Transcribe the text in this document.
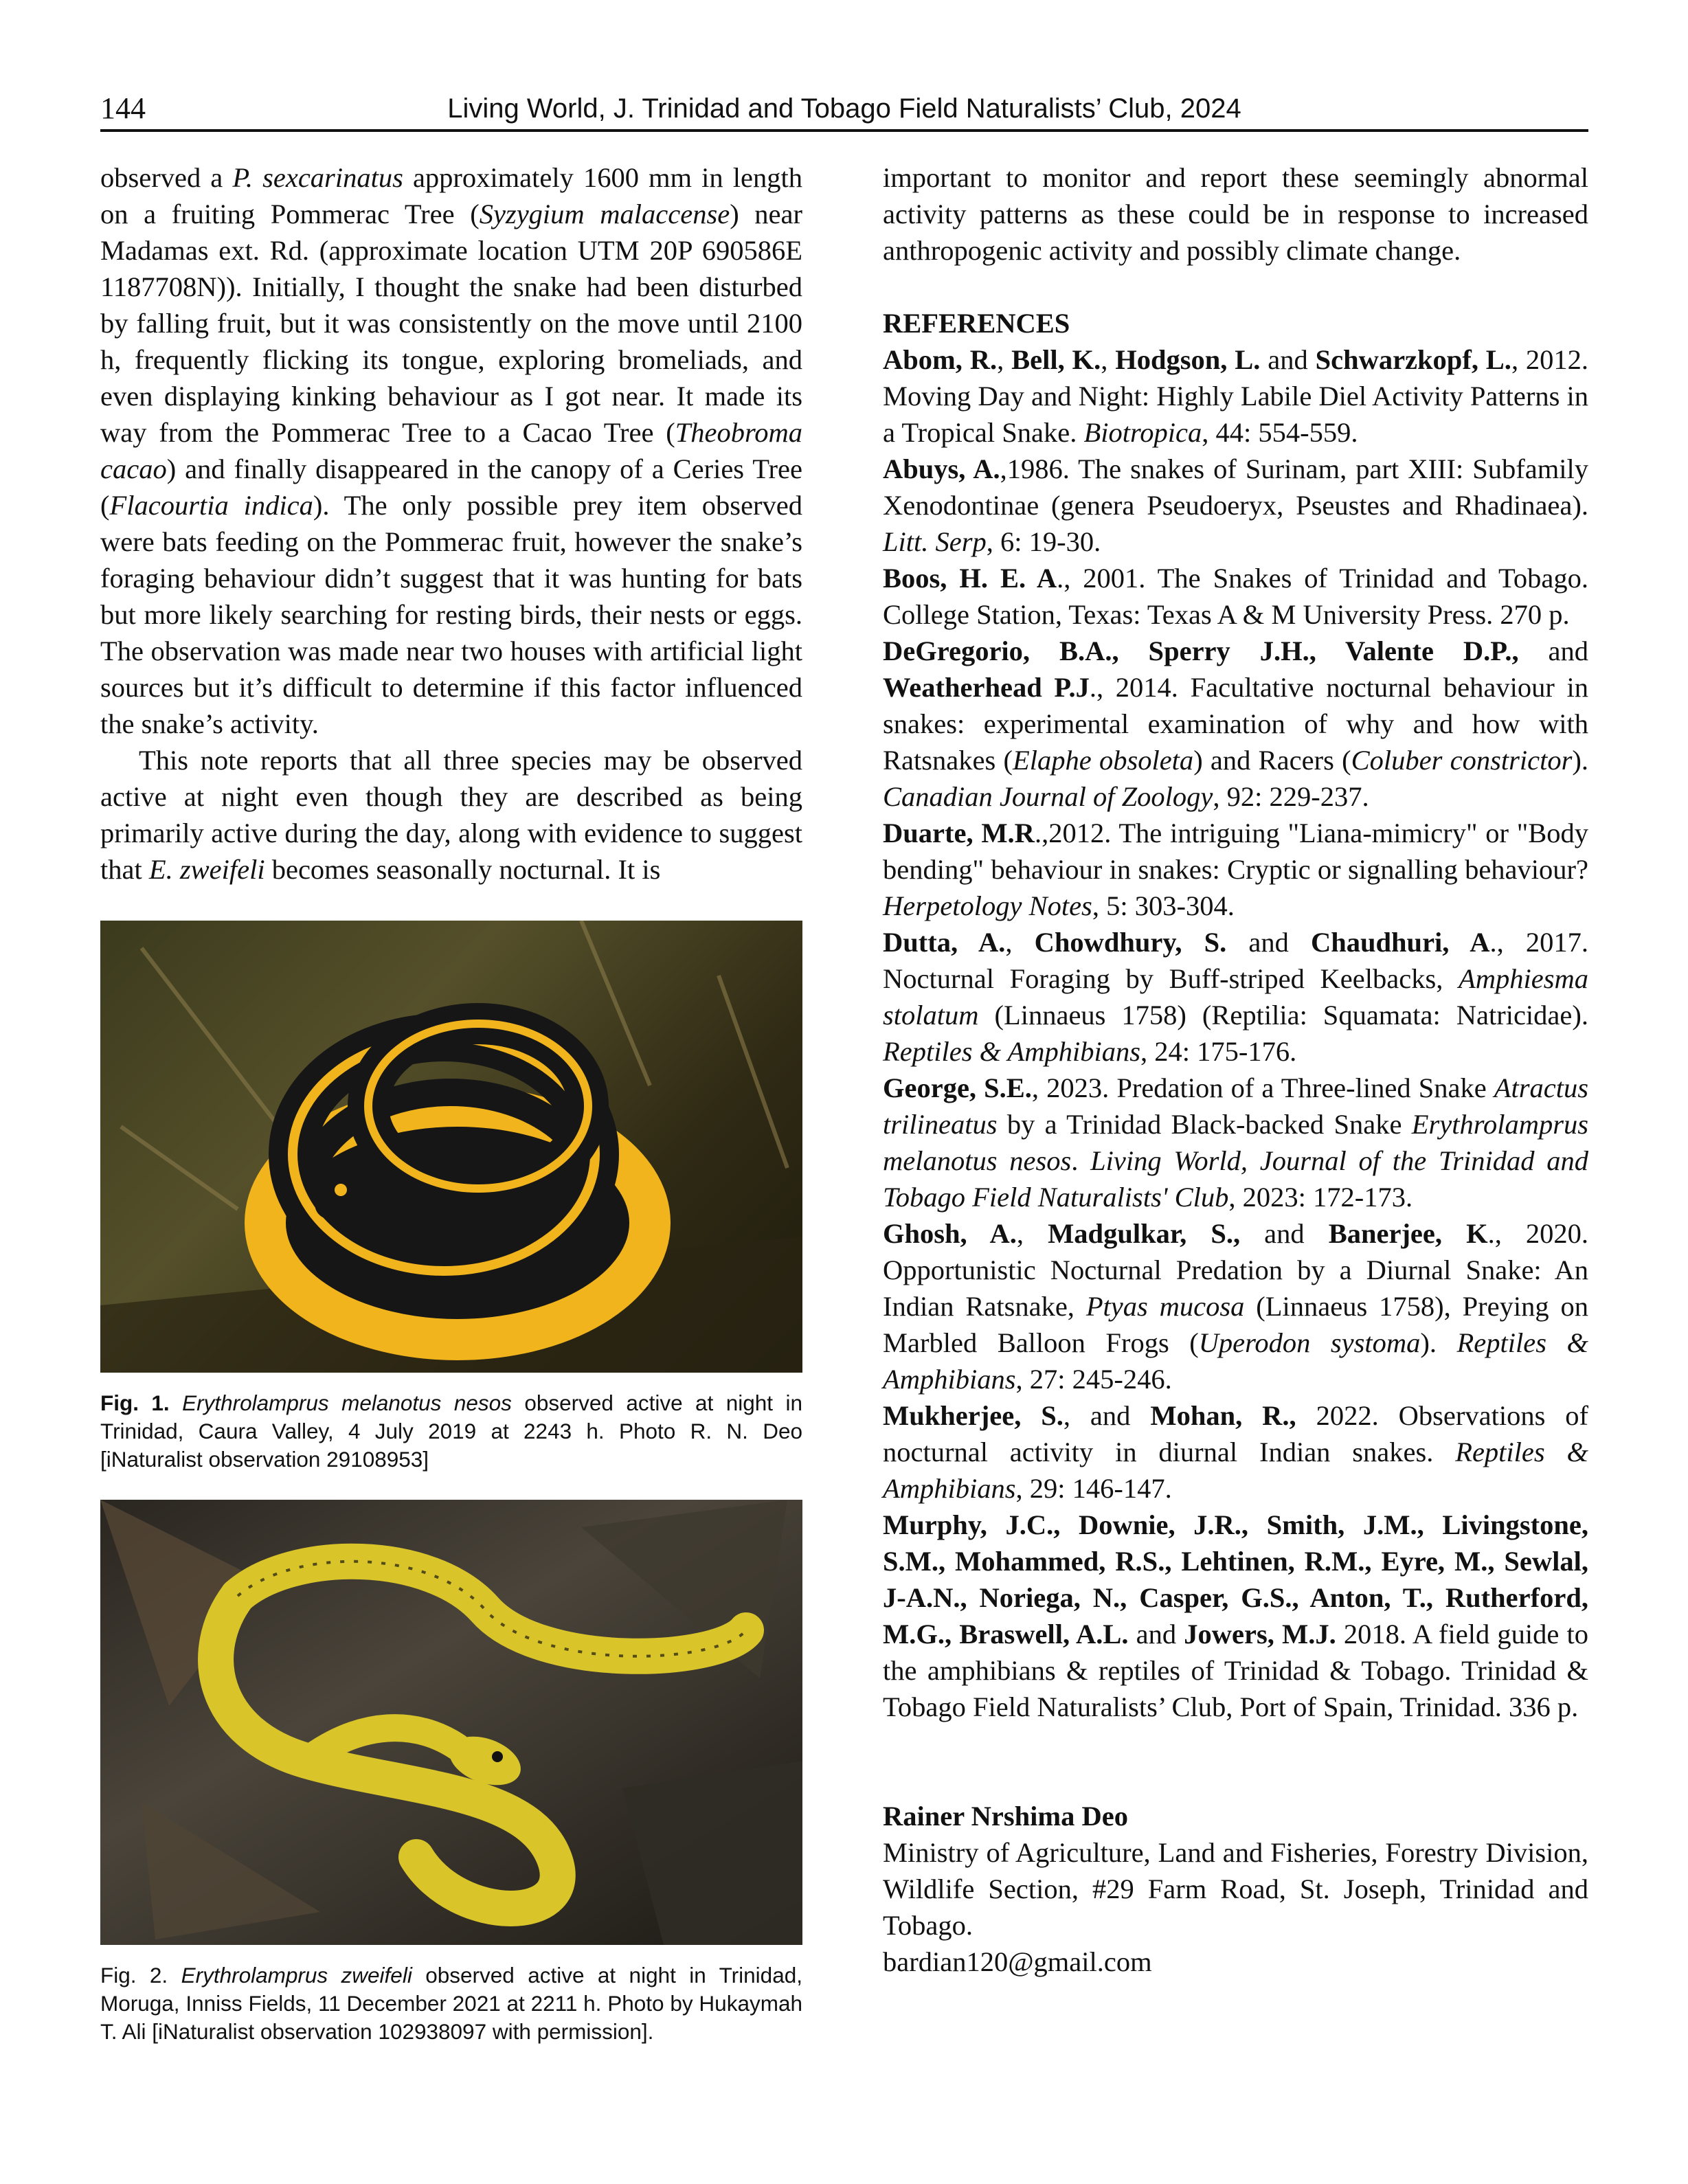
144	Living World, J. Trinidad and Tobago Field Naturalists’ Club, 2024

observed a P. sexcarinatus approximately 1600 mm in length on a fruiting Pommerac Tree (Syzygium malaccense) near Madamas ext. Rd. (approximate location UTM 20P 690586E 1187708N)). Initially, I thought the snake had been disturbed by falling fruit, but it was consistently on the move until 2100 h, frequently flicking its tongue, exploring bromeliads, and even displaying kinking behaviour as I got near. It made its way from the Pommerac Tree to a Cacao Tree (Theobroma cacao) and finally disappeared in the canopy of a Ceries Tree (Flacourtia indica). The only possible prey item observed were bats feeding on the Pommerac fruit, however the snake’s foraging behaviour didn’t suggest that it was hunting for bats but more likely searching for resting birds, their nests or eggs. The observation was made near two houses with artificial light sources but it’s difficult to determine if this factor influenced the snake’s activity.

This note reports that all three species may be observed active at night even though they are described as being primarily active during the day, along with evidence to suggest that E. zweifeli becomes seasonally nocturnal. It is

Fig. 1. Erythrolamprus melanotus nesos observed active at night in Trinidad, Caura Valley, 4 July 2019 at 2243 h. Photo R. N. Deo [iNaturalist observation 29108953]
Fig. 2. Erythrolamprus zweifeli observed active at night in Trinidad, Moruga, Inniss Fields, 11 December 2021 at 2211 h. Photo by Hukaymah T. Ali [iNaturalist observation 102938097 with permission].

important to monitor and report these seemingly abnormal activity patterns as these could be in response to increased anthropogenic activity and possibly climate change.

REFERENCES

Abom, R., Bell, K., Hodgson, L. and Schwarzkopf, L., 2012. Moving Day and Night: Highly Labile Diel Activity Patterns in a Tropical Snake. Biotropica, 44: 554-559.

Abuys, A.,1986. The snakes of Surinam, part XIII: Subfamily Xenodontinae (genera Pseudoeryx, Pseustes and Rhadinaea). Litt. Serp, 6: 19-30.

Boos, H. E. A., 2001. The Snakes of Trinidad and Tobago. College Station, Texas: Texas A & M University Press. 270 p.

DeGregorio, B.A., Sperry J.H., Valente D.P., and Weatherhead P.J., 2014. Facultative nocturnal behaviour in snakes: experimental examination of why and how with Ratsnakes (Elaphe obsoleta) and Racers (Coluber constrictor). Canadian Journal of Zoology, 92: 229-237.

Duarte, M.R.,2012. The intriguing "Liana-mimicry" or "Body bending" behaviour in snakes: Cryptic or signalling behaviour? Herpetology Notes, 5: 303-304.

Dutta, A., Chowdhury, S. and Chaudhuri, A., 2017. Nocturnal Foraging by Buff-striped Keelbacks, Amphiesma stolatum (Linnaeus 1758) (Reptilia: Squamata: Natricidae). Reptiles & Amphibians, 24: 175-176.

George, S.E., 2023. Predation of a Three-lined Snake Atractus trilineatus by a Trinidad Black-backed Snake Erythrolamprus melanotus nesos. Living World, Journal of the Trinidad and Tobago Field Naturalists' Club, 2023: 172-173.

Ghosh, A., Madgulkar, S., and Banerjee, K., 2020. Opportunistic Nocturnal Predation by a Diurnal Snake: An Indian Ratsnake, Ptyas mucosa (Linnaeus 1758), Preying on Marbled Balloon Frogs (Uperodon systoma). Reptiles & Amphibians, 27: 245-246.

Mukherjee, S., and Mohan, R., 2022. Observations of nocturnal activity in diurnal Indian snakes. Reptiles & Amphibians, 29: 146-147.

Murphy, J.C., Downie, J.R., Smith, J.M., Livingstone, S.M., Mohammed, R.S., Lehtinen, R.M., Eyre, M., Sewlal, J-A.N., Noriega, N., Casper, G.S., Anton, T., Rutherford, M.G., Braswell, A.L. and Jowers, M.J. 2018. A field guide to the amphibians & reptiles of Trinidad & Tobago. Trinidad & Tobago Field Naturalists’ Club, Port of Spain, Trinidad. 336 p.

Rainer Nrshima Deo

Ministry of Agriculture, Land and Fisheries, Forestry Division, Wildlife Section, #29 Farm Road, St. Joseph, Trinidad and Tobago.

bardian120@gmail.com
